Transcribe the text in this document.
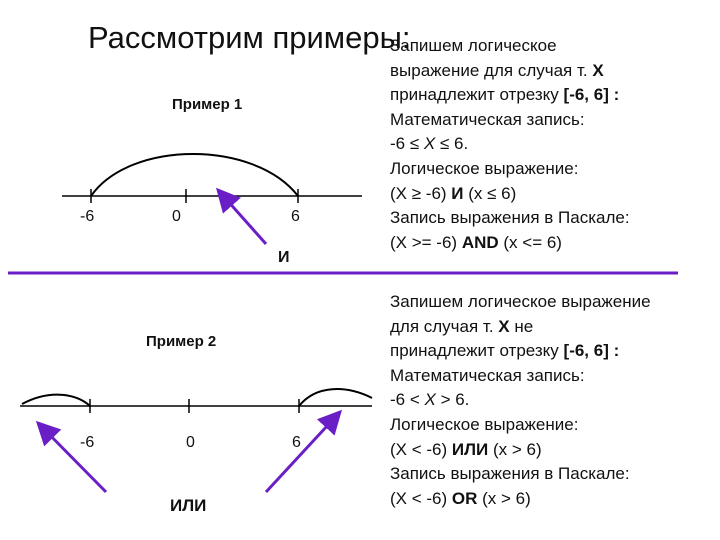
Рассмотрим примеры:
Пример 1
-6	0	6
И
Пример 2
-6	0	6
ИЛИ
Запишем логическое
выражение для случая т. Х
принадлежит отрезку [-6, 6] :
Математическая запись:
-6 ≤ X ≤ 6.
Логическое выражение:
(X ≥ -6) И (x ≤ 6)
Запись выражения в Паскале:
(X >= -6) AND (x <= 6)
Запишем логическое выражение
для случая т. Х не
принадлежит отрезку [-6, 6] :
Математическая запись:
-6 < X > 6.
Логическое выражение:
(X < -6) ИЛИ (x > 6)
Запись выражения в Паскале:
(X < -6) OR (x > 6)
